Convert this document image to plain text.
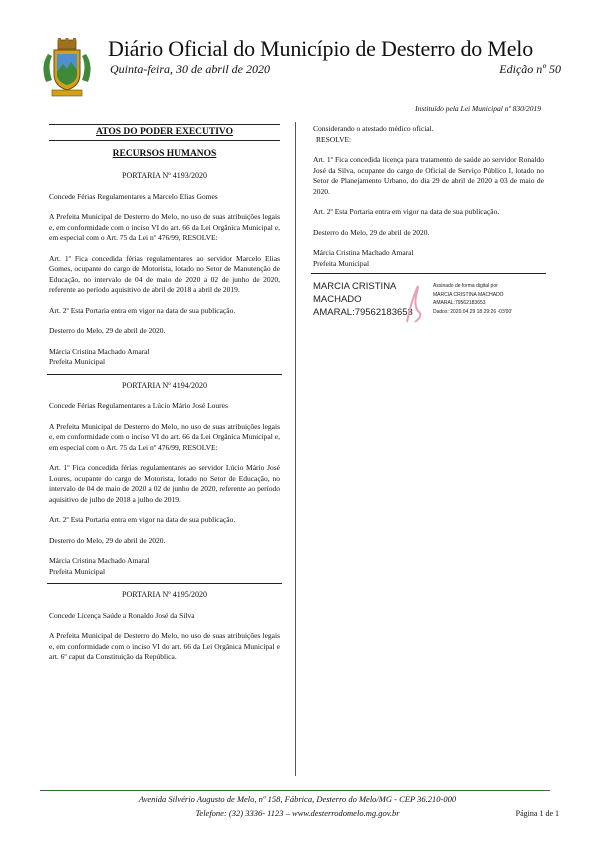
Diário Oficial do Município de Desterro do Melo
Quinta-feira, 30 de abril de 2020	Edição nº 50
Instituído pela Lei Municipal nº 830/2019
ATOS DO PODER EXECUTIVO
RECURSOS HUMANOS
PORTARIA Nº 4193/2020

Concede Férias Regulamentares a Marcelo Elias Gomes

A Prefeita Municipal de Desterro do Melo, no uso de suas atribuições legais e, em conformidade com o inciso VI do art. 66 da Lei Orgânica Municipal e, em especial com o Art. 75 da Lei nº 476/99, RESOLVE:

Art. 1º Fica concedida férias regulamentares ao servidor Marcelo Elias Gomes, ocupante do cargo de Motorista, lotado no Setor de Manutenção de Educação, no intervalo de 04 de maio de 2020 a 02 de junho de 2020, referente ao período aquisitivo de abril de 2018 a abril de 2019.

Art. 2º Esta Portaria entra em vigor na data de sua publicação.

Desterro do Melo, 29 de abril de 2020.

Márcia Cristina Machado Amaral

Prefeita Municipal

PORTARIA Nº 4194/2020

Concede Férias Regulamentares a Lúcio Mário José Loures

A Prefeita Municipal de Desterro do Melo, no uso de suas atribuições legais e, em conformidade com o inciso VI do art. 66 da Lei Orgânica Municipal e, em especial com o Art. 75 da Lei nº 476/99, RESOLVE:

Art. 1º Fica concedida férias regulamentares ao servidor Lúcio Mário José Loures, ocupante do cargo de Motorista, lotado no Setor de Educação, no intervalo de 04 de maio de 2020 a 02 de junho de 2020, referente ao período aquisitivo de julho de 2018 a julho de 2019.

Art. 2º Esta Portaria entra em vigor na data de sua publicação.

Desterro do Melo, 29 de abril de 2020.

Márcia Cristina Machado Amaral

Prefeita Municipal

PORTARIA Nº 4195/2020

Concede Licença Saúde a Ronaldo José da Silva

A Prefeita Municipal de Desterro do Melo, no uso de suas atribuições legais e, em conformidade com o inciso VI do art. 66 da Lei Orgânica Municipal e art. 6º caput da Constituição da República.

Considerando o atestado médico oficial.

RESOLVE:

Art. 1º Fica concedida licença para tratamento de saúde ao servidor Ronaldo José da Silva, ocupante do cargo de Oficial de Serviço Público I, lotado no Setor de Planejamento Urbano, do dia 29 de abril de 2020 a 03 de maio de 2020.

Art. 2º Esta Portaria entra em vigor na data de sua publicação.

Desterro do Melo, 29 de abril de 2020.

Márcia Cristina Machado Amaral

Prefeita Municipal

MARCIA CRISTINA
MACHADO
AMARAL:79562183653
Assinado de forma digital por
MARCIA CRISTINA MACHADO
AMARAL:79562183653
Dados: 2020.04.29 18:29:26 -03'00'
Avenida Silvério Augusto de Melo, nº 158, Fábrica, Desterro do Melo/MG - CEP 36.210-000
Telefone: (32) 3336- 1123 – www.desterrodomelo.mg.gov.br	Página 1 de 1
